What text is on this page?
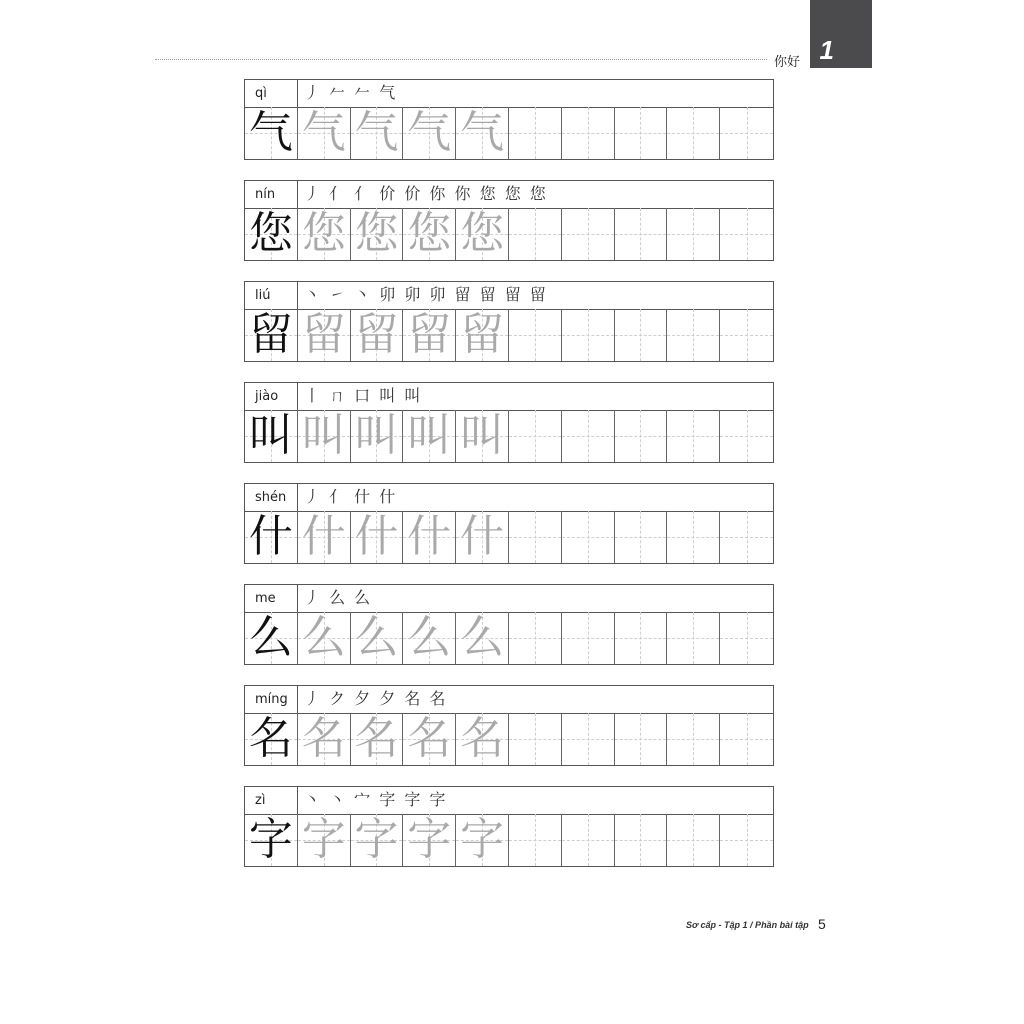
你好 1
qì	丿 𠂉 𠂉 气
气 气 气 气 气
nín	丿 亻 亻 价 价 你 你 您 您 您
您 您 您 您 您
liú	丶 ㇀ 丶 卯 卯 卯 留 留 留 留
留 留 留 留 留
jiào	丨 ㄇ 口 叫 叫
叫 叫 叫 叫 叫
shén	丿 亻 什 什
什 什 什 什 什
me	丿 么 么
么 么 么 么 么
míng	丿 ク 夕 夕 名 名
名 名 名 名 名
zì	丶 丶 宀 字 字 字
字 字 字 字 字
Sơ cấp - Tập 1 / Phần bài tập 5
